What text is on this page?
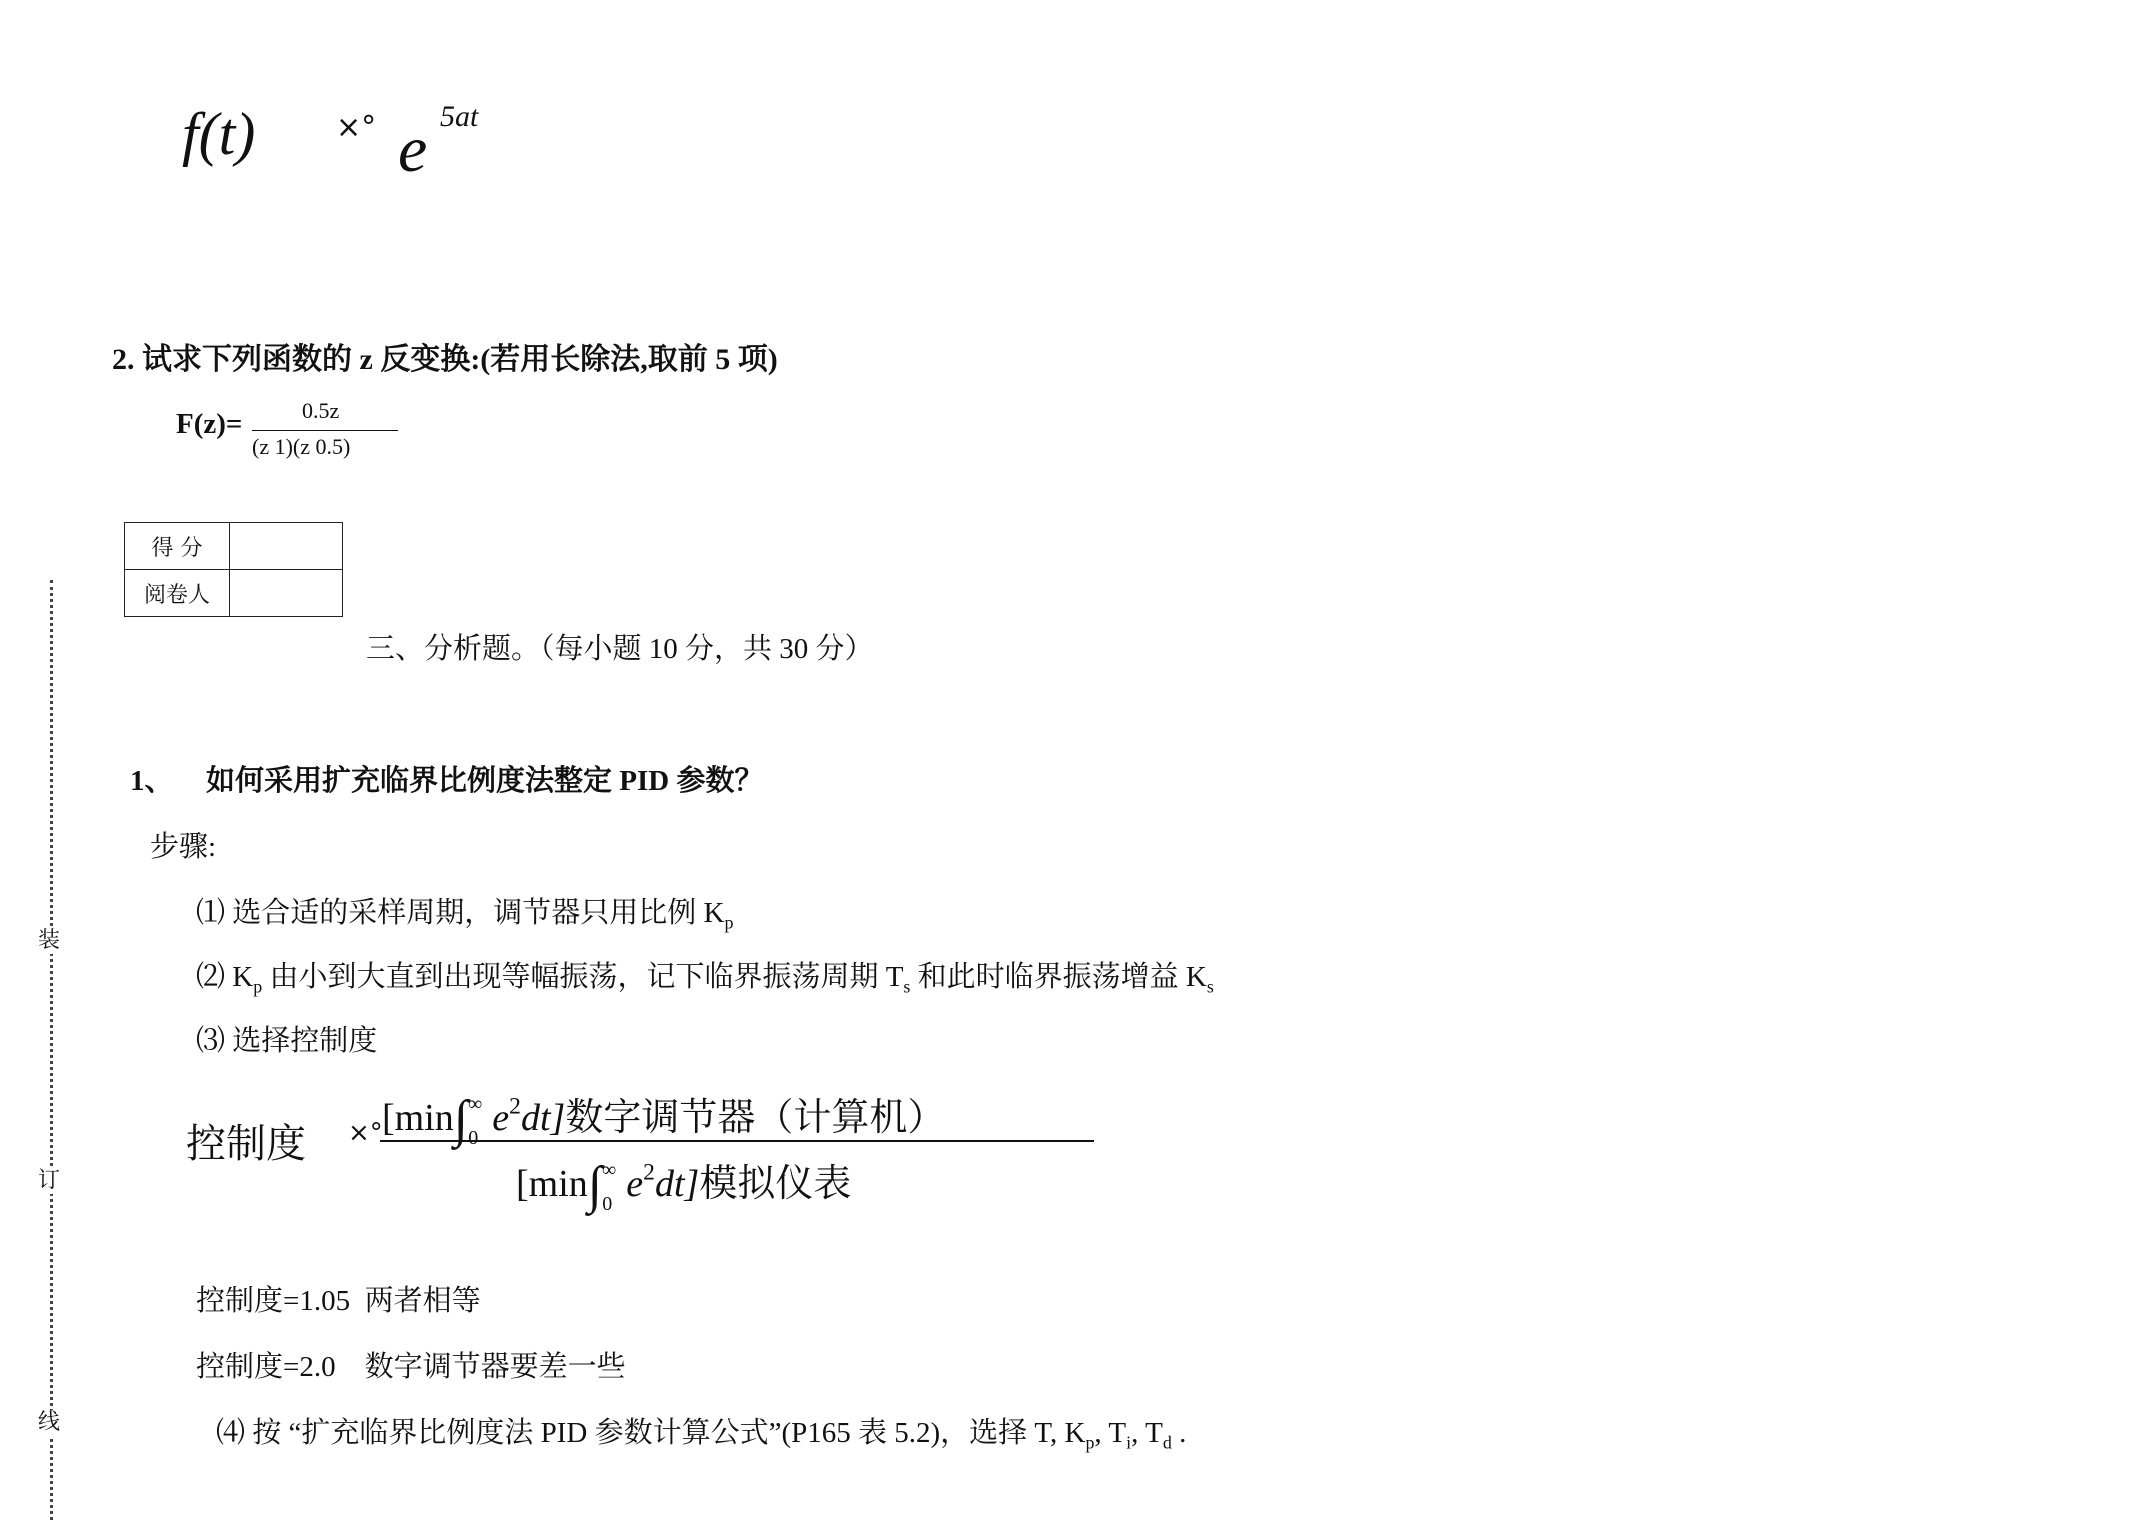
装
订
线
f(t)	×° e 5at
2. 试求下列函数的 z 反变换:(若用长除法,取前 5 项)
F(z)=	0.5z
(z 1)(z 0.5)
得 分	
阅卷人	
三、分析题。（每小题 10 分，共 30 分）
1、 如何采用扩充临界比例度法整定 PID 参数？
步骤:
⑴ 选合适的采样周期，调节器只用比例 $K_p$
⑵ $K_p$ 由小到大直到出现等幅振荡，记下临界振荡周期 $T_s$ 和此时临界振荡增益 $K_s$
⑶ 选择控制度
控制度 ×° [$\min\int^\infty_0$ $e^2dt$]数字调节器（计算机）
[$\min\int^\infty_0$ $e^2dt$]模拟仪表
控制度=1.05 两者相等
控制度=2.0 数字调节器要差一些
⑷ 按 “扩充临界比例度法 PID 参数计算公式”(P165 表 5.2)，选择 T, $K_p$, $T_i$, $T_d$ .
